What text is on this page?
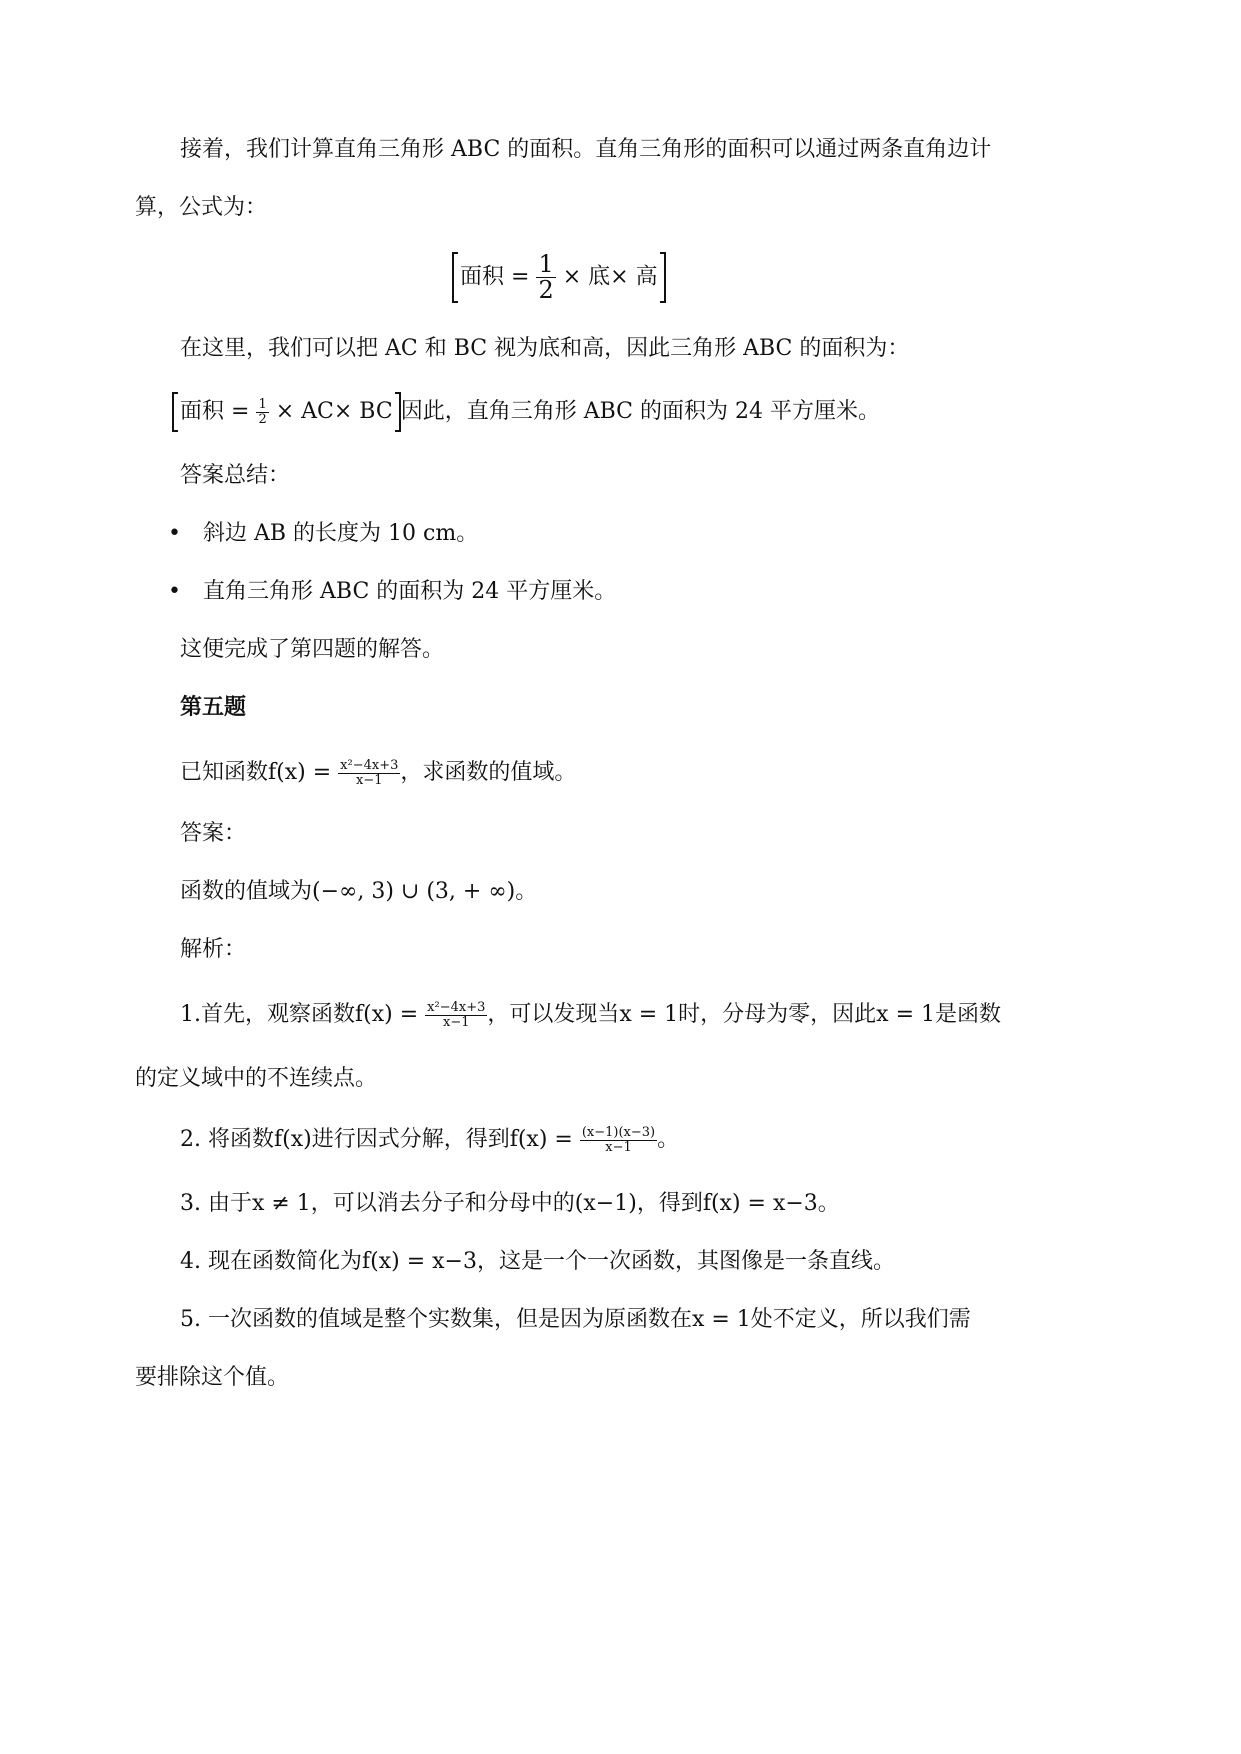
接着，我们计算直角三角形 ABC 的面积。直角三角形的面积可以通过两条直角边计
算，公式为：
面积 = $\frac{1}{2}$ × 底× 高
在这里，我们可以把 AC 和 BC 视为底和高，因此三角形 ABC 的面积为：
面积 = $\frac{1}{2} \times AC\times$ BC 因此，直角三角形 ABC 的面积为 24 平方厘米。
答案总结：
• 斜边 AB 的长度为 10 cm。
• 直角三角形 ABC 的面积为 24 平方厘米。
这便完成了第四题的解答。
第五题
已知函数$f(x) = \frac{\text{x²−4x+3}}{x-1}$ ，求函数的值域。
答案：
函数的值域为(−∞, 3) ∪ (3, + ∞)。
解析：
1.首先，观察函数$f(x) = \frac{\text{x²−4x+3}}{x-1}$ ，可以发现当x = 1时，分母为零，因此x = 1是函数
的定义域中的不连续点。
2. 将函数f(x)进行因式分解，得到$f(x) = \frac{(x-1)(x-3)}{x-1}$ 。
3. 由于x ≠ 1，可以消去分子和分母中的(x−1)，得到f(x) = x−3。
4. 现在函数简化为f(x) = x−3，这是一个一次函数，其图像是一条直线。
5. 一次函数的值域是整个实数集，但是因为原函数在x = 1处不定义，所以我们需
要排除这个值。
